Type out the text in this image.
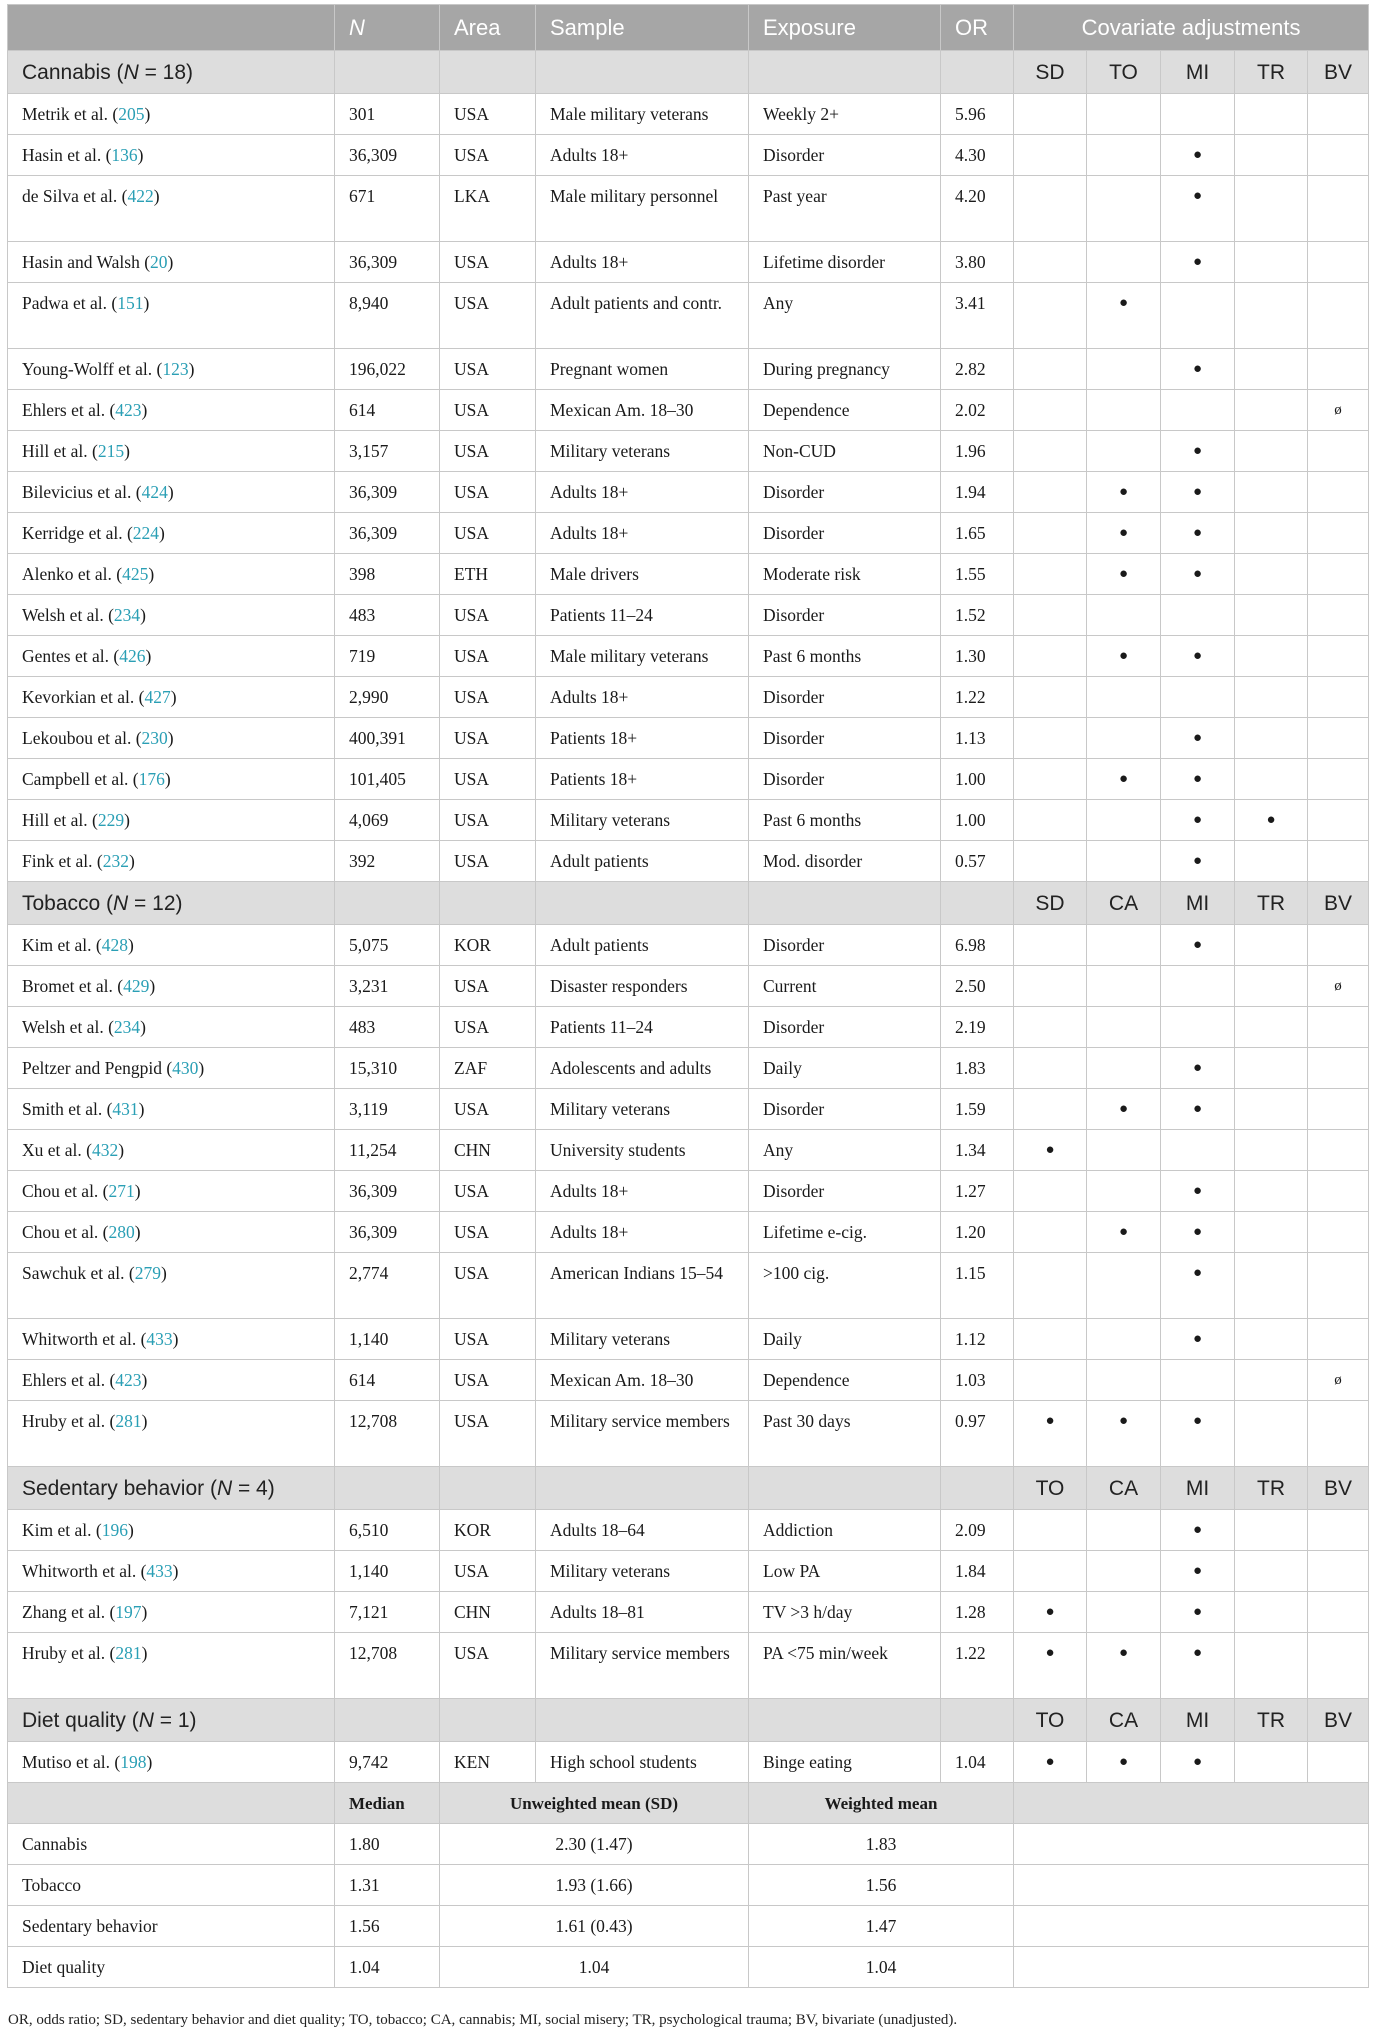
	N	Area	Sample	Exposure	OR	Covariate adjustments				
Cannabis (N = 18)						SD	TO	MI	TR	BV
Metrik et al. (205)	301	USA	Male military veterans	Weekly 2+	5.96					
Hasin et al. (136)	36,309	USA	Adults 18+	Disorder	4.30			●		
de Silva et al. (422)	671	LKA	Male military personnel	Past year	4.20			●		
Hasin and Walsh (20)	36,309	USA	Adults 18+	Lifetime disorder	3.80			●		
Padwa et al. (151)	8,940	USA	Adult patients and contr.	Any	3.41		●			
Young-Wolff et al. (123)	196,022	USA	Pregnant women	During pregnancy	2.82			●		
Ehlers et al. (423)	614	USA	Mexican Am. 18–30	Dependence	2.02					ø
Hill et al. (215)	3,157	USA	Military veterans	Non-CUD	1.96			●		
Bilevicius et al. (424)	36,309	USA	Adults 18+	Disorder	1.94		●	●		
Kerridge et al. (224)	36,309	USA	Adults 18+	Disorder	1.65		●	●		
Alenko et al. (425)	398	ETH	Male drivers	Moderate risk	1.55		●	●		
Welsh et al. (234)	483	USA	Patients 11–24	Disorder	1.52					
Gentes et al. (426)	719	USA	Male military veterans	Past 6 months	1.30		●	●		
Kevorkian et al. (427)	2,990	USA	Adults 18+	Disorder	1.22					
Lekoubou et al. (230)	400,391	USA	Patients 18+	Disorder	1.13			●		
Campbell et al. (176)	101,405	USA	Patients 18+	Disorder	1.00		●	●		
Hill et al. (229)	4,069	USA	Military veterans	Past 6 months	1.00			●	●	
Fink et al. (232)	392	USA	Adult patients	Mod. disorder	0.57			●		
Tobacco (N = 12)						SD	CA	MI	TR	BV
Kim et al. (428)	5,075	KOR	Adult patients	Disorder	6.98			●		
Bromet et al. (429)	3,231	USA	Disaster responders	Current	2.50					ø
Welsh et al. (234)	483	USA	Patients 11–24	Disorder	2.19					
Peltzer and Pengpid (430)	15,310	ZAF	Adolescents and adults	Daily	1.83			●		
Smith et al. (431)	3,119	USA	Military veterans	Disorder	1.59		●	●		
Xu et al. (432)	11,254	CHN	University students	Any	1.34	●				
Chou et al. (271)	36,309	USA	Adults 18+	Disorder	1.27			●		
Chou et al. (280)	36,309	USA	Adults 18+	Lifetime e-cig.	1.20		●	●		
Sawchuk et al. (279)	2,774	USA	American Indians 15–54	>100 cig.	1.15			●		
Whitworth et al. (433)	1,140	USA	Military veterans	Daily	1.12			●		
Ehlers et al. (423)	614	USA	Mexican Am. 18–30	Dependence	1.03					ø
Hruby et al. (281)	12,708	USA	Military service members	Past 30 days	0.97	●	●	●		
Sedentary behavior (N = 4)						TO	CA	MI	TR	BV
Kim et al. (196)	6,510	KOR	Adults 18–64	Addiction	2.09			●		
Whitworth et al. (433)	1,140	USA	Military veterans	Low PA	1.84			●		
Zhang et al. (197)	7,121	CHN	Adults 18–81	TV >3 h/day	1.28	●		●		
Hruby et al. (281)	12,708	USA	Military service members	PA <75 min/week	1.22	●	●	●		
Diet quality (N = 1)						TO	CA	MI	TR	BV
Mutiso et al. (198)	9,742	KEN	High school students	Binge eating	1.04	●	●	●		
	Median	Unweighted mean (SD)		Weighted mean						
Cannabis	1.80	2.30 (1.47)		1.83						
Tobacco	1.31	1.93 (1.66)		1.56						
Sedentary behavior	1.56	1.61 (0.43)		1.47						
Diet quality	1.04	1.04		1.04						
OR, odds ratio; SD, sedentary behavior and diet quality; TO, tobacco; CA, cannabis; MI, social misery; TR, psychological trauma; BV, bivariate (unadjusted).
